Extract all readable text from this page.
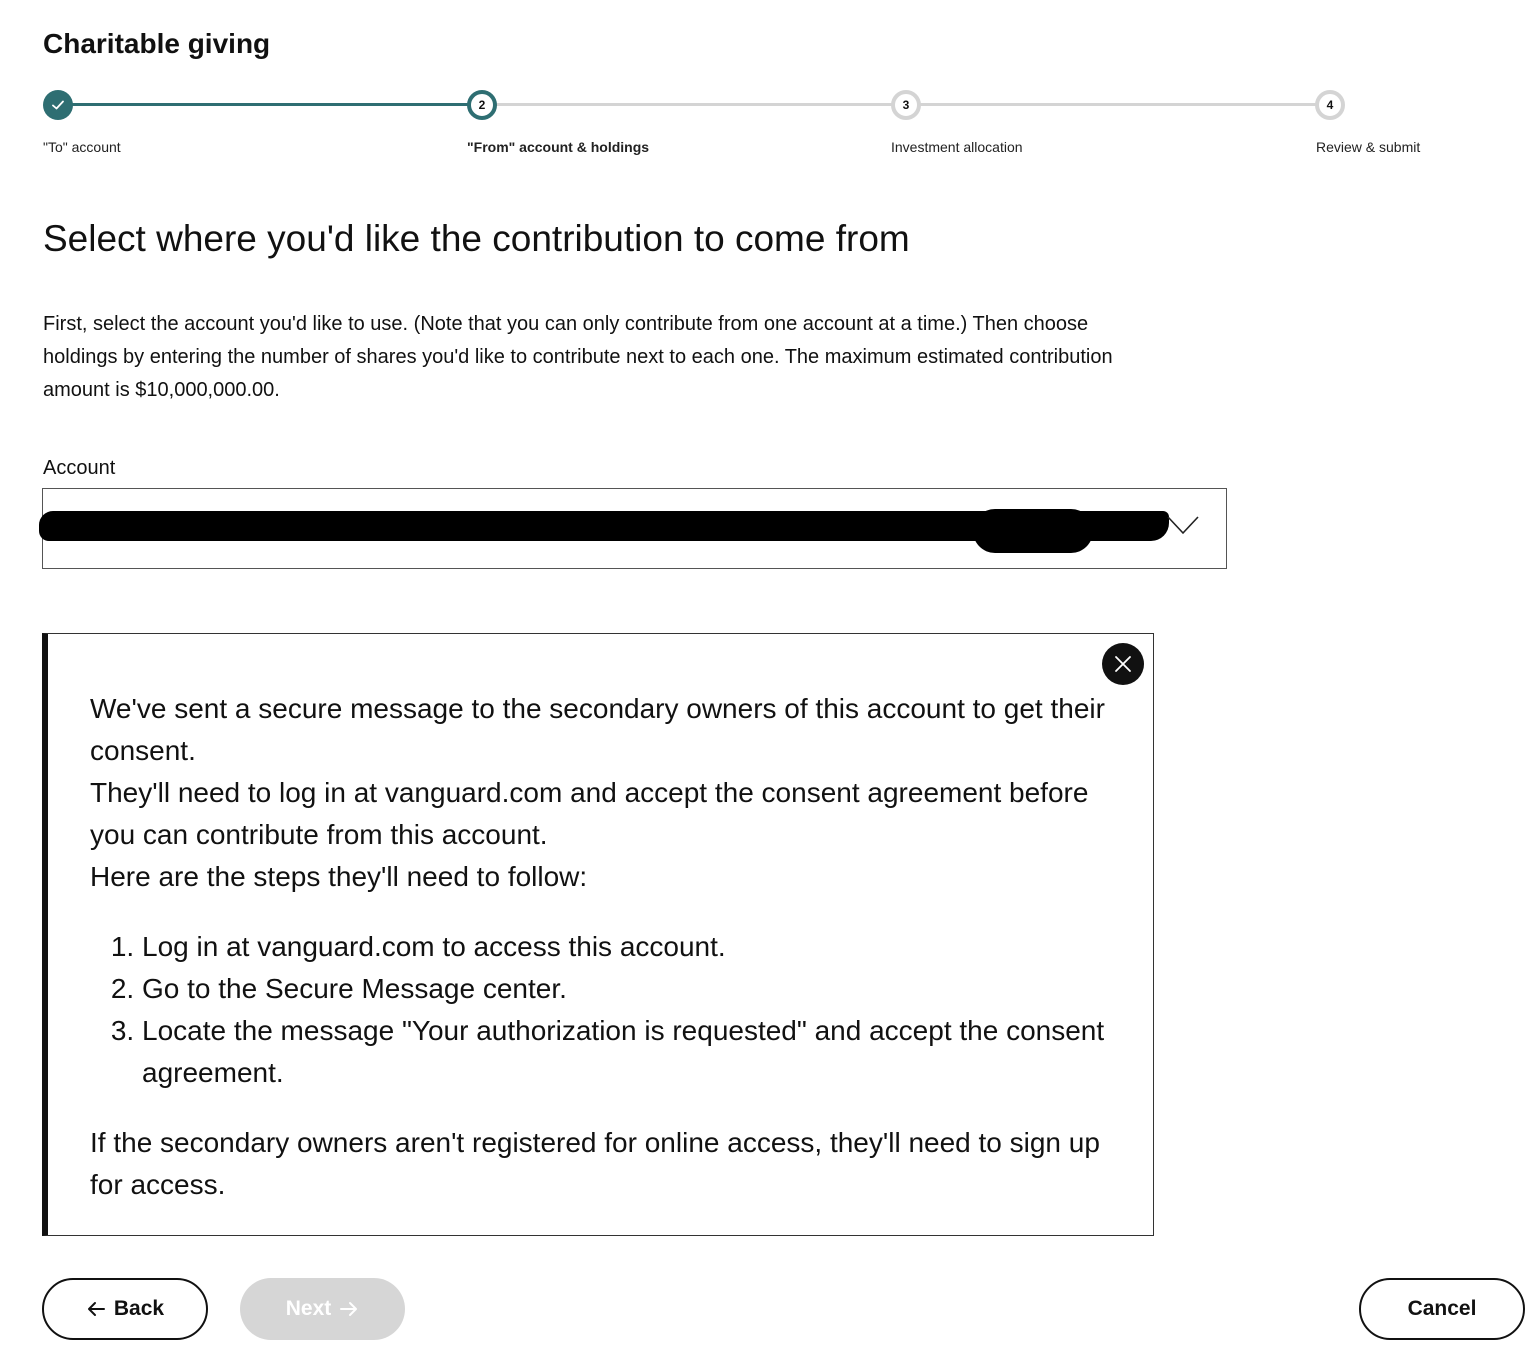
Charitable giving
2	3	4
"To" account	"From" account & holdings	Investment allocation	Review & submit
Select where you'd like the contribution to come from

First, select the account you'd like to use. (Note that you can only contribute from one account at a time.) Then choose holdings by entering the number of shares you'd like to contribute next to each one. The maximum estimated contribution amount is $10,000,000.00.

Account

We've sent a secure message to the secondary owners of this account to get their consent.

They'll need to log in at vanguard.com and accept the consent agreement before you can contribute from this account.

Here are the steps they'll need to follow:

1. Log in at vanguard.com to access this account.
2. Go to the Secure Message center.
3. Locate the message "Your authorization is requested" and accept the consent agreement.

If the secondary owners aren't registered for online access, they'll need to sign up for access.

Back	Next	Cancel
